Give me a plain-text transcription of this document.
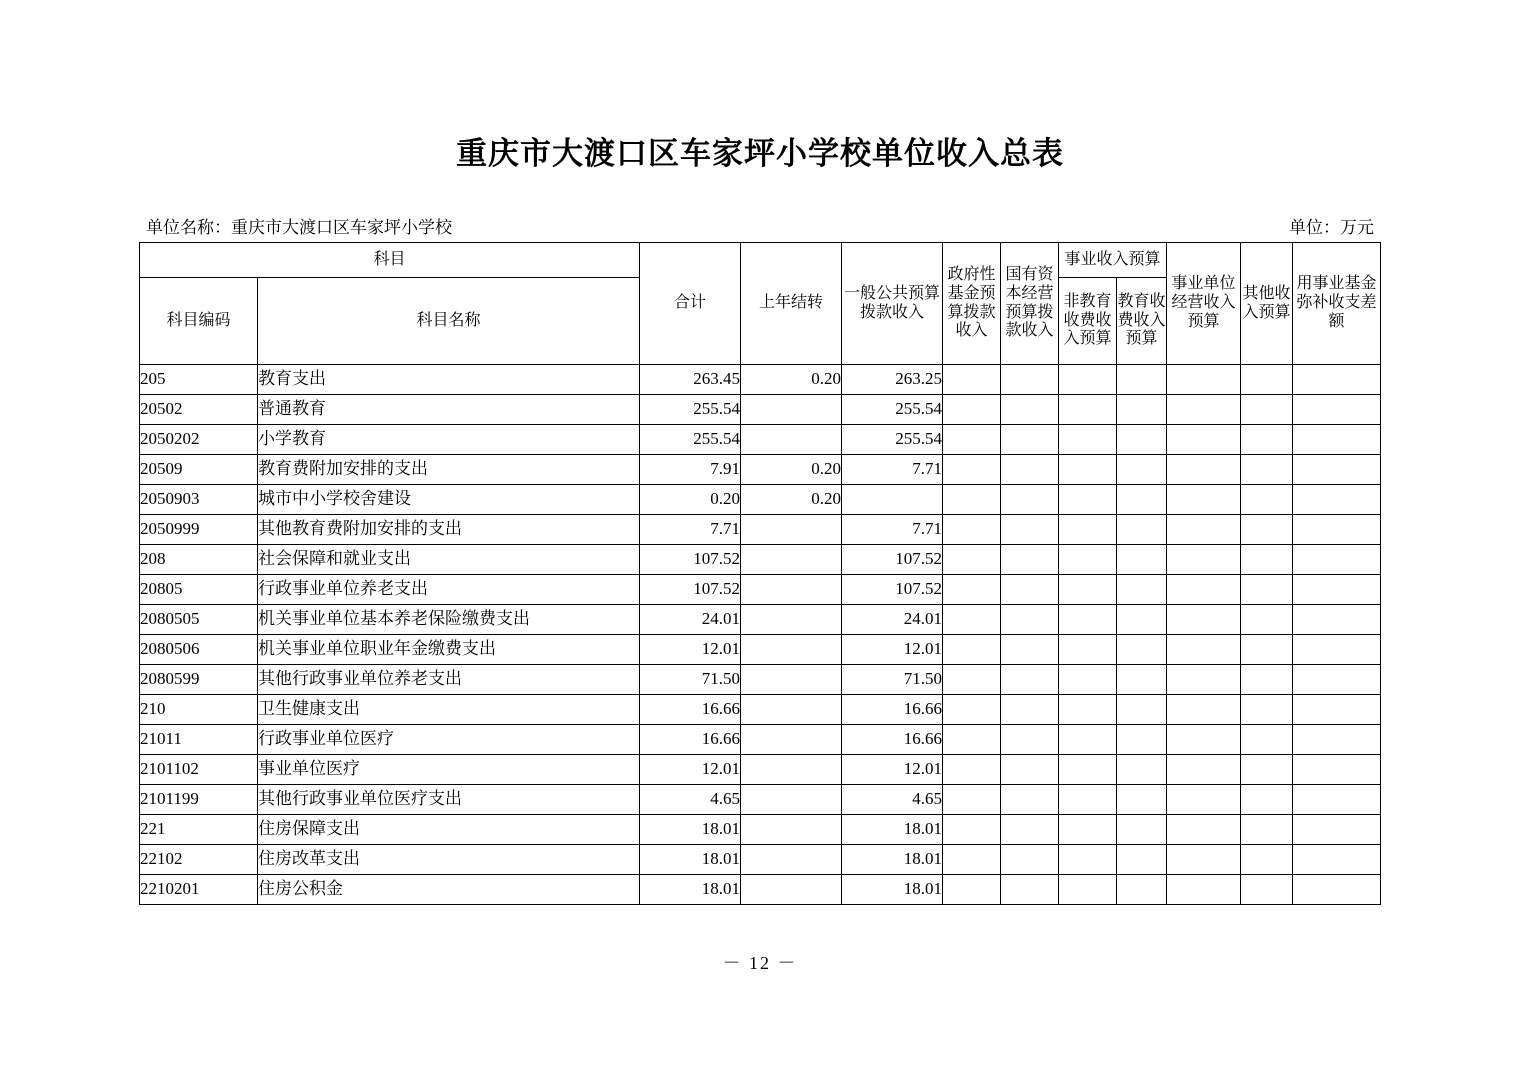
重庆市大渡口区车家坪小学校单位收入总表
单位名称：重庆市大渡口区车家坪小学校	单位：万元
科目		合计	上年结转	一般公共预算拨款收入	政府性基金预算拨款收入	国有资本经营预算拨款收入	事业收入预算		事业单位经营收入预算	其他收入预算	用事业基金弥补收支差额
科目编码	科目名称						非教育收费收入预算	教育收费收入预算			

205	教育支出	263.45	0.20	263.25							
20502	普通教育	255.54		255.54							
2050202	小学教育	255.54		255.54							
20509	教育费附加安排的支出	7.91	0.20	7.71							
2050903	城市中小学校舍建设	0.20	0.20								
2050999	其他教育费附加安排的支出	7.71		7.71							
208	社会保障和就业支出	107.52		107.52							
20805	行政事业单位养老支出	107.52		107.52							
2080505	机关事业单位基本养老保险缴费支出	24.01		24.01							
2080506	机关事业单位职业年金缴费支出	12.01		12.01							
2080599	其他行政事业单位养老支出	71.50		71.50							
210	卫生健康支出	16.66		16.66							
21011	行政事业单位医疗	16.66		16.66							
2101102	事业单位医疗	12.01		12.01							
2101199	其他行政事业单位医疗支出	4.65		4.65							
221	住房保障支出	18.01		18.01							
22102	住房改革支出	18.01		18.01							
2210201	住房公积金	18.01		18.01							
－ 12 －
